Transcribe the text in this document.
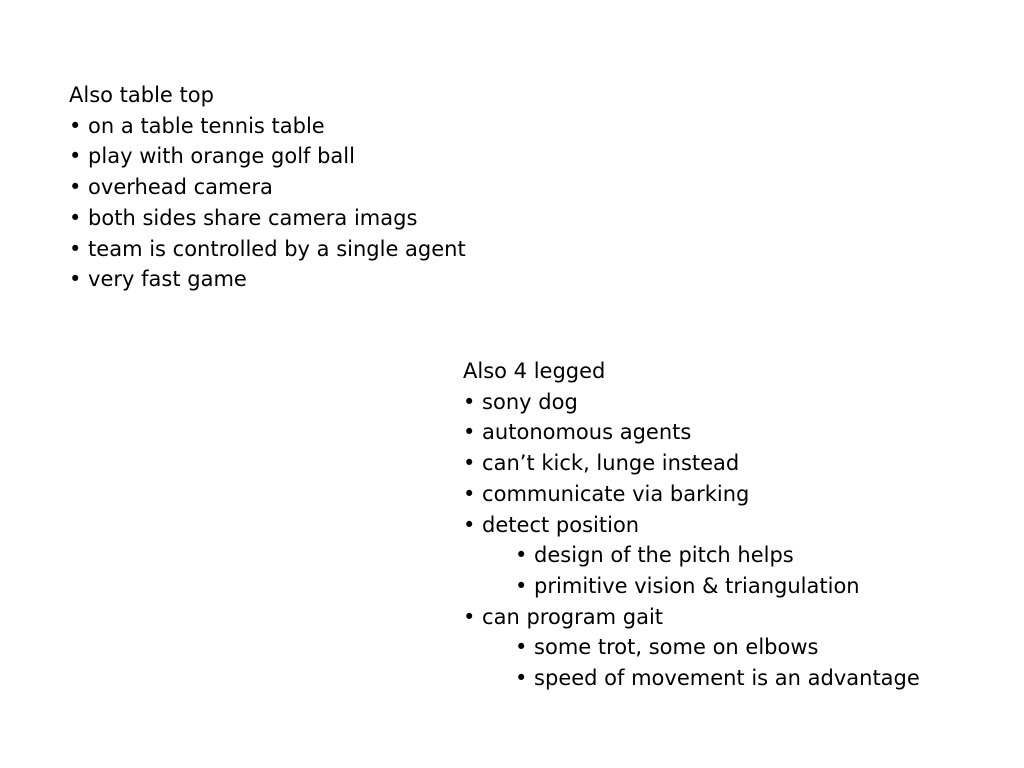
Also table top
• on a table tennis table
• play with orange golf ball
• overhead camera
• both sides share camera imags
• team is controlled by a single agent
• very fast game
Also 4 legged
• sony dog
• autonomous agents
• can’t kick, lunge instead
• communicate via barking
• detect position
• design of the pitch helps
• primitive vision & triangulation
• can program gait
• some trot, some on elbows
• speed of movement is an advantage
